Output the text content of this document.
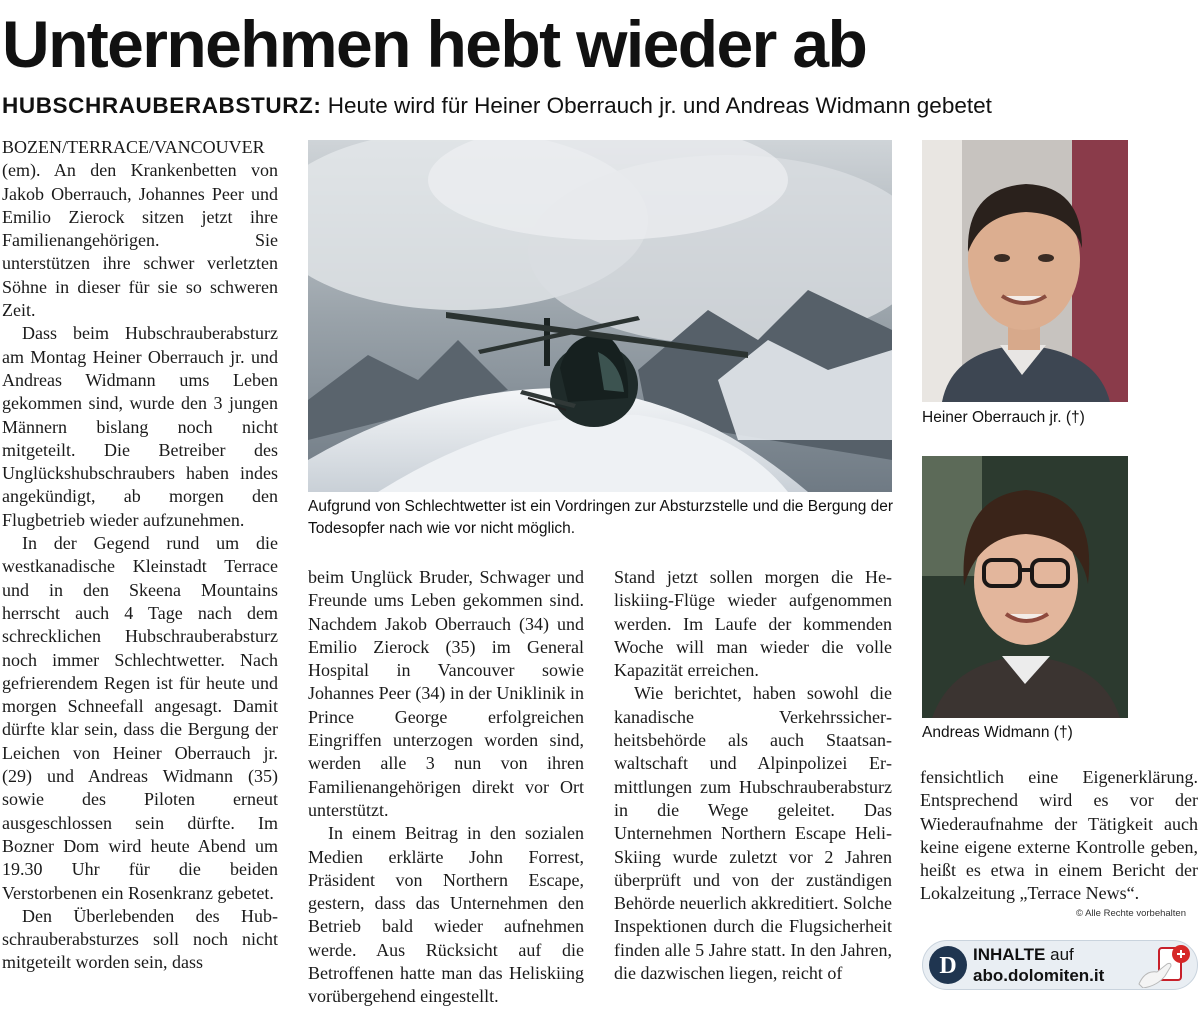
Unternehmen hebt wieder ab
HUBSCHRAUBERABSTURZ: Heute wird für Heiner Oberrauch jr. und Andreas Widmann gebetet

BOZEN/TERRACE/VANCOUVER (em). An den Krankenbetten von Jakob Oberrauch, Johannes Peer und Emilio Zierock sitzen jetzt ihre Familienangehörigen. Sie unterstützen ihre schwer verletzten Söhne in dieser für sie so schweren Zeit.

Dass beim Hubschrauberabsturz am Montag Heiner Oberrauch jr. und Andreas Widmann ums Leben gekommen sind, wurde den 3 jungen Männern bislang noch nicht mitgeteilt. Die Betreiber des Unglückshubschraubers haben indes angekündigt, ab morgen den Flugbetrieb wieder aufzunehmen.

In der Gegend rund um die westkanadische Kleinstadt Terrace und in den Skeena Mountains herrscht auch 4 Tage nach dem schrecklichen Hubschrauberabsturz noch immer Schlechtwetter. Nach gefrierendem Regen ist für heute und morgen Schneefall angesagt. Damit dürfte klar sein, dass die Bergung der Leichen von Heiner Oberrauch jr. (29) und Andreas Widmann (35) sowie des Piloten erneut ausgeschlossen sein dürfte. Im Bozner Dom wird heute Abend um 19.30 Uhr für die beiden Verstorbenen ein Rosenkranz gebetet.

Den Überlebenden des Hubschrauberabsturzes soll noch nicht mitgeteilt worden sein, dass

Aufgrund von Schlechtwetter ist ein Vordringen zur Absturzstelle und die Bergung der Todesopfer nach wie vor nicht möglich.
Heiner Oberrauch jr. (†)
Andreas Widmann (†)

beim Unglück Bruder, Schwager und Freunde ums Leben gekommen sind. Nachdem Jakob Oberrauch (34) und Emilio Zierock (35) im General Hospital in Vancouver sowie Johannes Peer (34) in der Uniklinik in Prince George erfolgreichen Eingriffen unterzogen worden sind, werden alle 3 nun von ihren Familienangehörigen direkt vor Ort unterstützt.

In einem Beitrag in den sozialen Medien erklärte John Forrest, Präsident von Northern Escape, gestern, dass das Unternehmen den Betrieb bald wieder aufnehmen werde. Aus Rücksicht auf die Betroffenen hatte man das Heliskiing vorübergehend eingestellt.

Stand jetzt sollen morgen die Heliskiing-Flüge wieder aufgenommen werden. Im Laufe der kommenden Woche will man wieder die volle Kapazität erreichen.

Wie berichtet, haben sowohl die kanadische Verkehrssicherheitsbehörde als auch Staatsanwaltschaft und Alpinpolizei Ermittlungen zum Hubschrauberabsturz in die Wege geleitet. Das Unternehmen Northern Escape Heli-Skiing wurde zuletzt vor 2 Jahren überprüft und von der zuständigen Behörde neuerlich akkreditiert. Solche Inspektionen durch die Flugsicherheit finden alle 5 Jahre statt. In den Jahren, die dazwischen liegen, reicht of

fensichtlich eine Eigenerklärung. Entsprechend wird es vor der Wiederaufnahme der Tätigkeit auch keine eigene externe Kontrolle geben, heißt es etwa in einem Bericht der Lokalzeitung „Terrace News“.

© Alle Rechte vorbehalten
D INHALTE auf
abo.dolomiten.it
